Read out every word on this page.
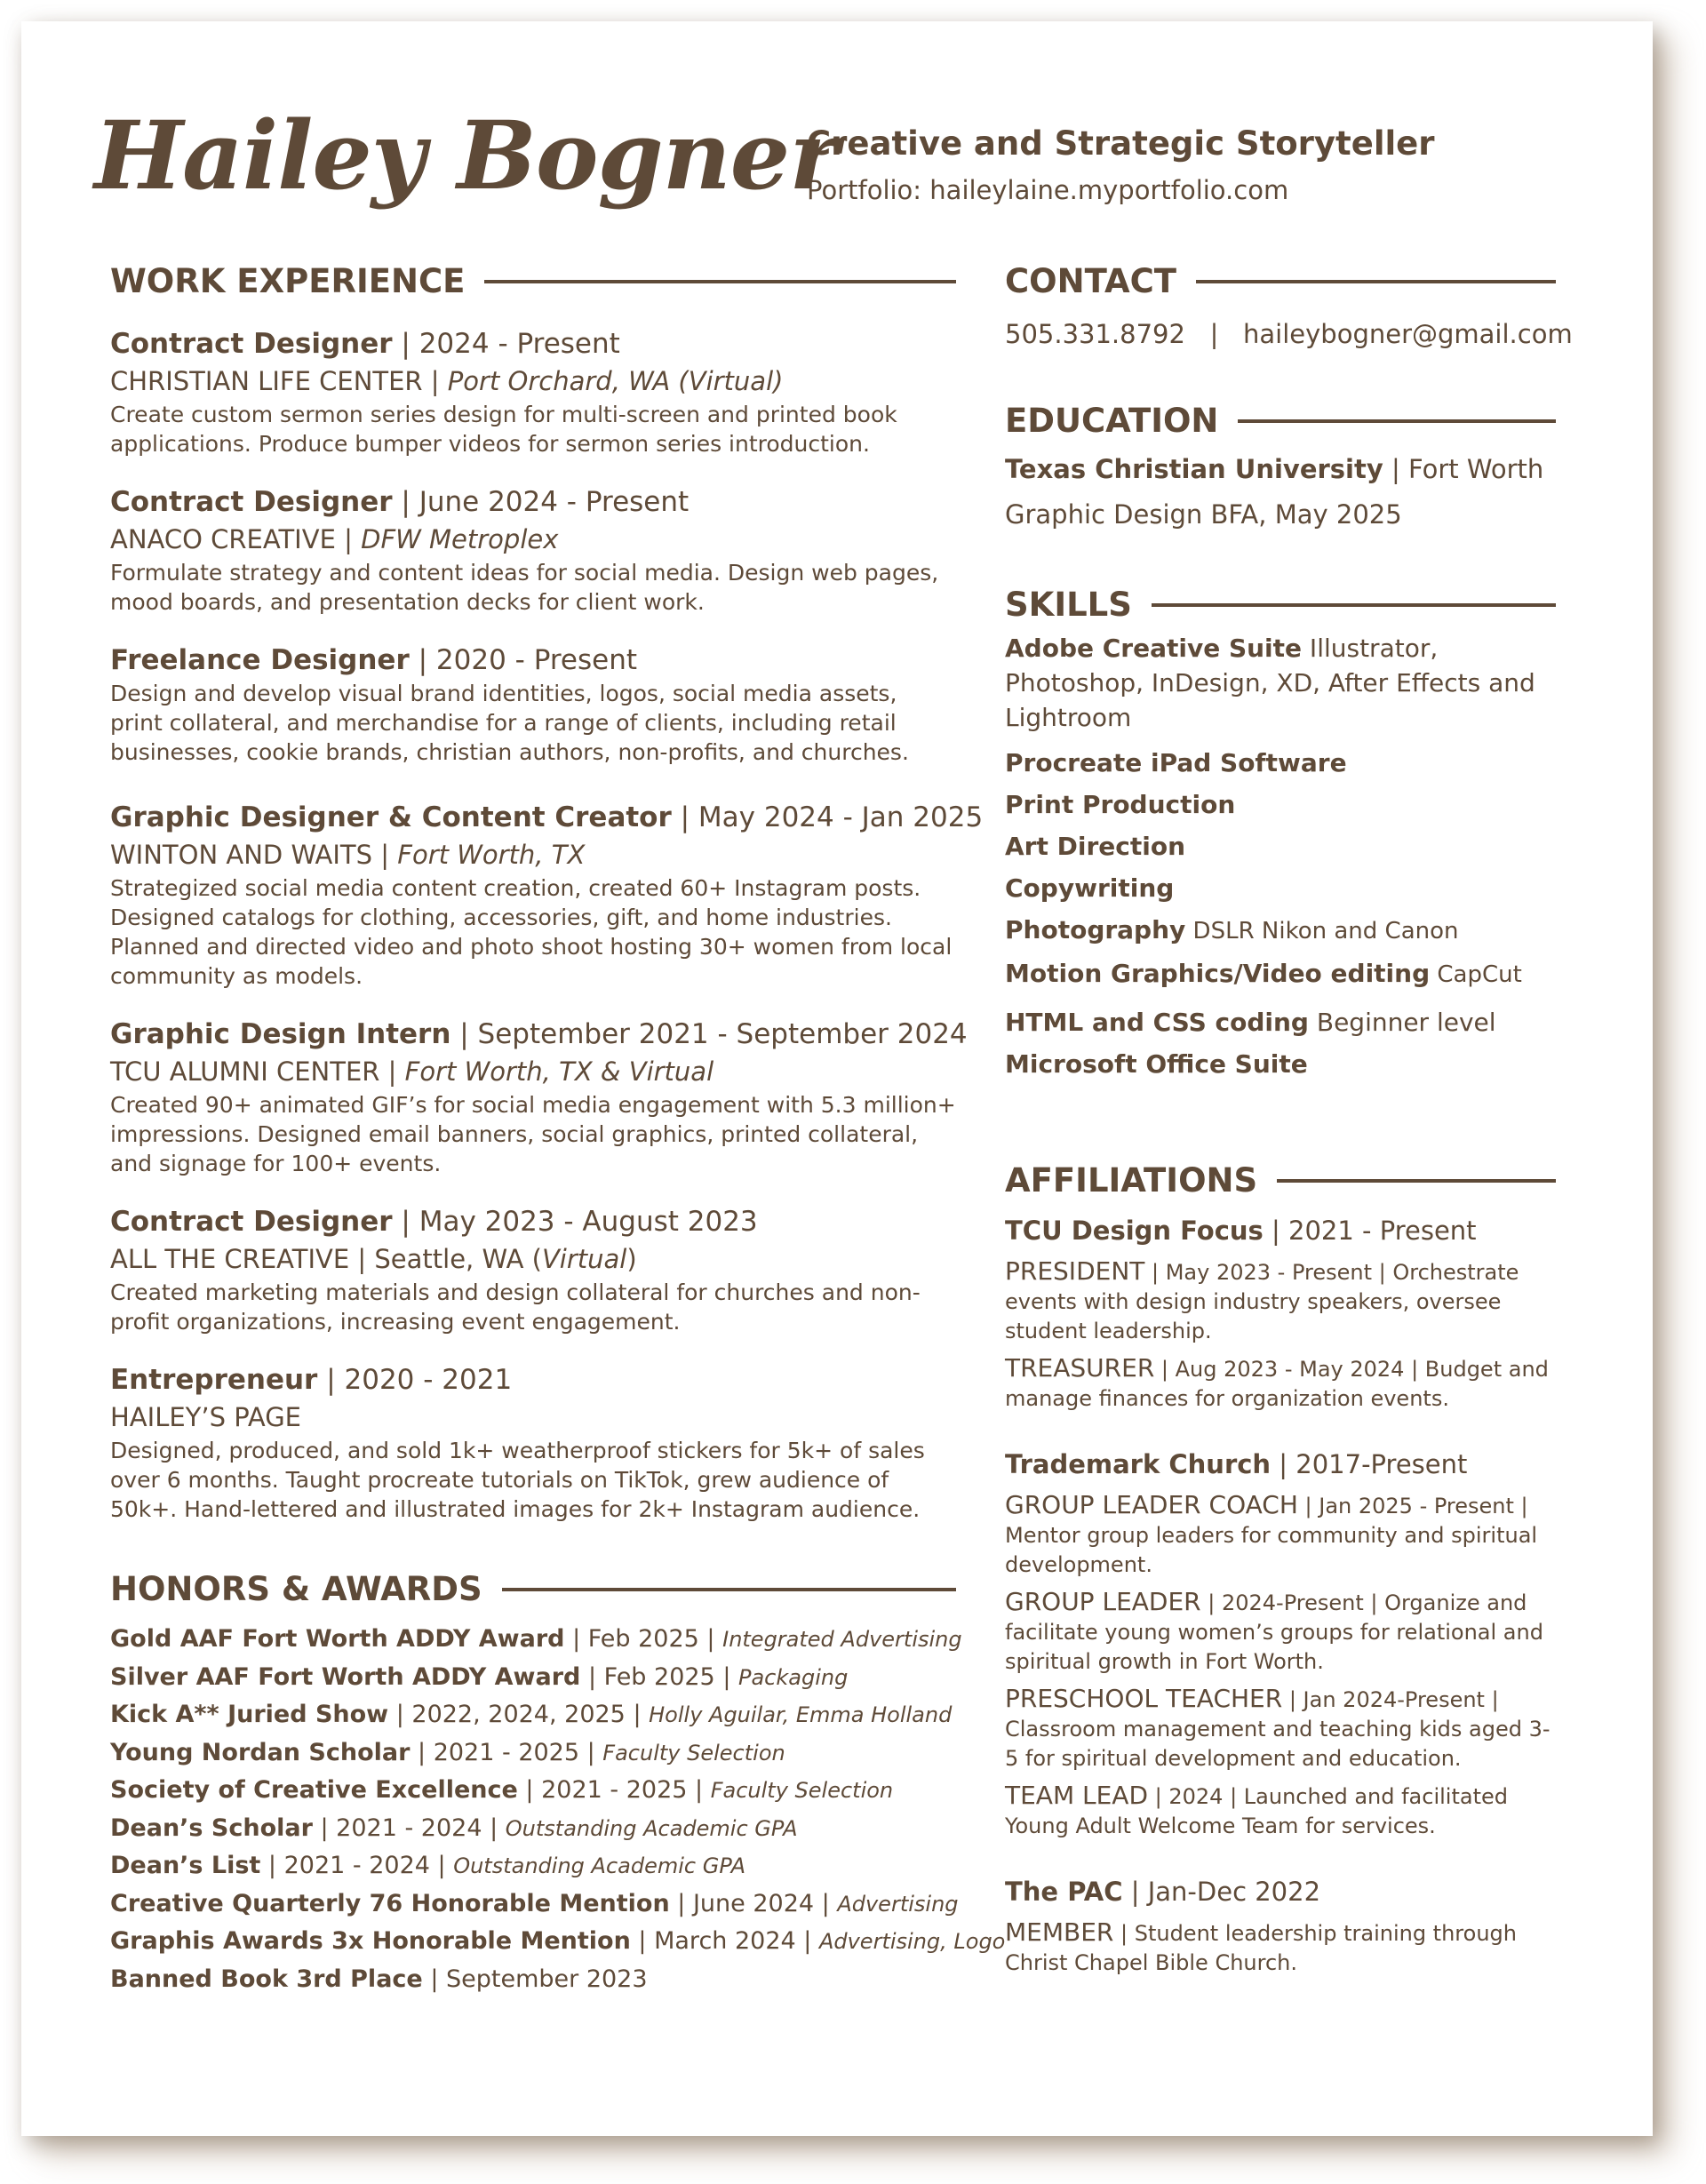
Hailey Bogner
Creative and Strategic Storyteller
Portfolio: haileylaine.myportfolio.com
WORK EXPERIENCE
Contract Designer | 2024 - Present
CHRISTIAN LIFE CENTER | Port Orchard, WA (Virtual)
Create custom sermon series design for multi-screen and printed book applications. Produce bumper videos for sermon series introduction.
Contract Designer | June 2024 - Present
ANACO CREATIVE | DFW Metroplex
Formulate strategy and content ideas for social media. Design web pages, mood boards, and presentation decks for client work.
Freelance Designer | 2020 - Present
Design and develop visual brand identities, logos, social media assets, print collateral, and merchandise for a range of clients, including retail businesses, cookie brands, christian authors, non-profits, and churches.
Graphic Designer & Content Creator | May 2024 - Jan 2025
WINTON AND WAITS | Fort Worth, TX
Strategized social media content creation, created 60+ Instagram posts. Designed catalogs for clothing, accessories, gift, and home industries. Planned and directed video and photo shoot hosting 30+ women from local community as models.
Graphic Design Intern | September 2021 - September 2024
TCU ALUMNI CENTER | Fort Worth, TX & Virtual
Created 90+ animated GIF’s for social media engagement with 5.3 million+ impressions. Designed email banners, social graphics, printed collateral, and signage for 100+ events.
Contract Designer | May 2023 - August 2023
ALL THE CREATIVE | Seattle, WA (Virtual)
Created marketing materials and design collateral for churches and non-profit organizations, increasing event engagement.
Entrepreneur | 2020 - 2021
HAILEY’S PAGE
Designed, produced, and sold 1k+ weatherproof stickers for 5k+ of sales over 6 months. Taught procreate tutorials on TikTok, grew audience of 50k+. Hand-lettered and illustrated images for 2k+ Instagram audience.
HONORS & AWARDS
Gold AAF Fort Worth ADDY Award | Feb 2025 | Integrated Advertising
Silver AAF Fort Worth ADDY Award | Feb 2025 | Packaging
Kick A** Juried Show | 2022, 2024, 2025 | Holly Aguilar, Emma Holland
Young Nordan Scholar | 2021 - 2025 | Faculty Selection
Society of Creative Excellence | 2021 - 2025 | Faculty Selection
Dean’s Scholar | 2021 - 2024 | Outstanding Academic GPA
Dean’s List | 2021 - 2024 | Outstanding Academic GPA
Creative Quarterly 76 Honorable Mention | June 2024 | Advertising
Graphis Awards 3x Honorable Mention | March 2024 | Advertising, Logo
Banned Book 3rd Place | September 2023
CONTACT
505.331.8792   |   haileybogner@gmail.com
EDUCATION
Texas Christian University | Fort Worth
Graphic Design BFA, May 2025
SKILLS
Adobe Creative Suite Illustrator, Photoshop, InDesign, XD, After Effects and Lightroom
Procreate iPad Software
Print Production
Art Direction
Copywriting
Photography DSLR Nikon and Canon
Motion Graphics/Video editing CapCut
HTML and CSS coding Beginner level
Microsoft Office Suite
AFFILIATIONS
TCU Design Focus | 2021 - Present
PRESIDENT | May 2023 - Present | Orchestrate events with design industry speakers, oversee student leadership.
TREASURER | Aug 2023 - May 2024 | Budget and manage finances for organization events.
Trademark Church | 2017-Present
GROUP LEADER COACH | Jan 2025 - Present | Mentor group leaders for community and spiritual development.
GROUP LEADER | 2024-Present | Organize and facilitate young women’s groups for relational and spiritual growth in Fort Worth.
PRESCHOOL TEACHER | Jan 2024-Present | Classroom management and teaching kids aged 3-5 for spiritual development and education.
TEAM LEAD | 2024 | Launched and facilitated Young Adult Welcome Team for services.
The PAC | Jan-Dec 2022
MEMBER | Student leadership training through Christ Chapel Bible Church.
